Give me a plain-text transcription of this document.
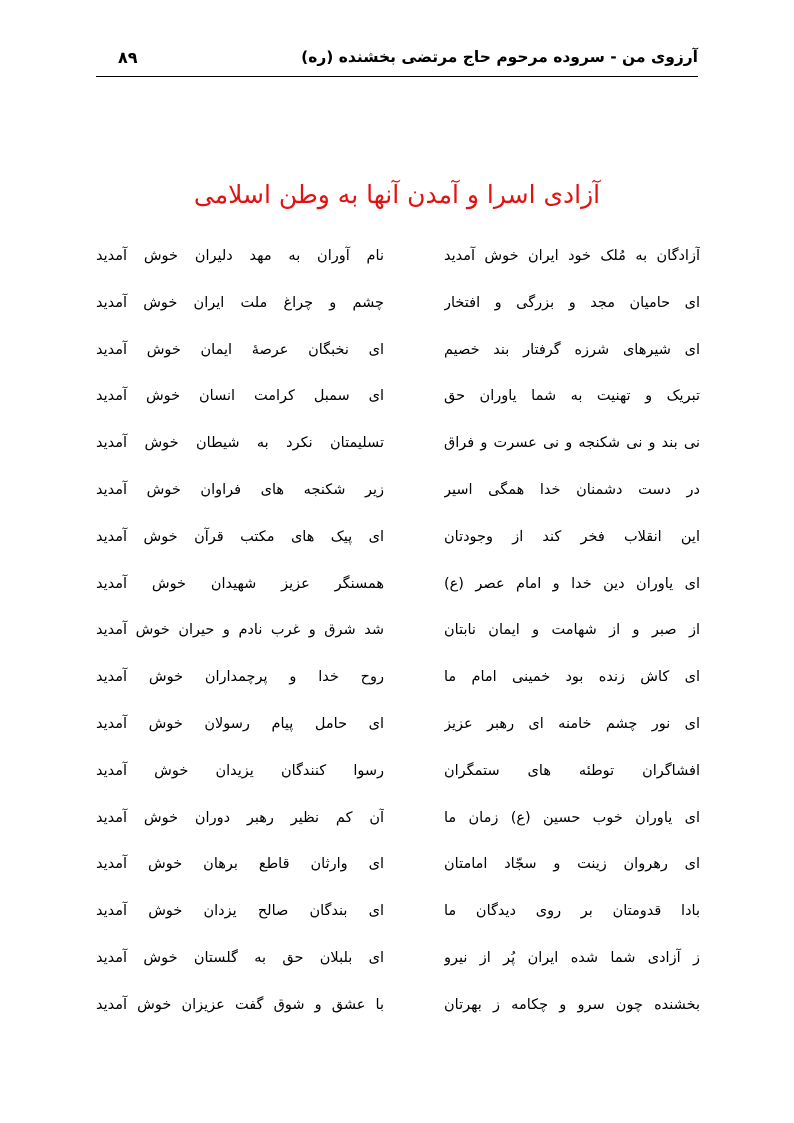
آرزوی من - سروده مرحوم حاج مرتضی بخشنده (ره)
۸۹
آزادی اسرا و آمدن آنها به وطن اسلامی
آزادگان به مُلک خود ایران خوش آمدید
نام آوران به مهد دلیران خوش آمدید
ای حامیان مجد و بزرگی و افتخار
چشم و چراغ ملت ایران خوش آمدید
ای شیرهای شرزه گرفتار بند خصیم
ای نخبگان عرصهٔ ایمان خوش آمدید
تبریک و تهنیت به شما یاوران حق
ای سمبل کرامت انسان خوش آمدید
نی بند و نی شکنجه و نی عسرت و فراق
تسلیمتان نکرد به شیطان خوش آمدید
در دست دشمنان خدا همگی اسیر
زیر شکنجه های فراوان خوش آمدید
این انقلاب فخر کند از وجودتان
ای پیک های مکتب قرآن خوش آمدید
ای یاوران دین خدا و امام عصر (ع)
همسنگر عزیز شهیدان خوش آمدید
از صبر و از شهامت و ایمان نابتان
شد شرق و غرب نادم و حیران خوش آمدید
ای کاش زنده بود خمینی امام ما
روح خدا و پرچمداران خوش آمدید
ای نور چشم خامنه ای رهبر عزیز
ای حامل پیام رسولان خوش آمدید
افشاگران توطئه های ستمگران
رسوا کنندگان یزیدان خوش آمدید
ای یاوران خوب حسین (ع) زمان ما
آن کم نظیر رهبر دوران خوش آمدید
ای رهروان زینت و سجّاد امامتان
ای وارثان قاطع برهان خوش آمدید
بادا قدومتان بر روی دیدگان ما
ای بندگان صالح یزدان خوش آمدید
ز آزادی شما شده ایران پُر از نیرو
ای بلبلان حق به گلستان خوش آمدید
بخشنده چون سرو و چکامه ز بهرتان
با عشق و شوق گفت عزیزان خوش آمدید
